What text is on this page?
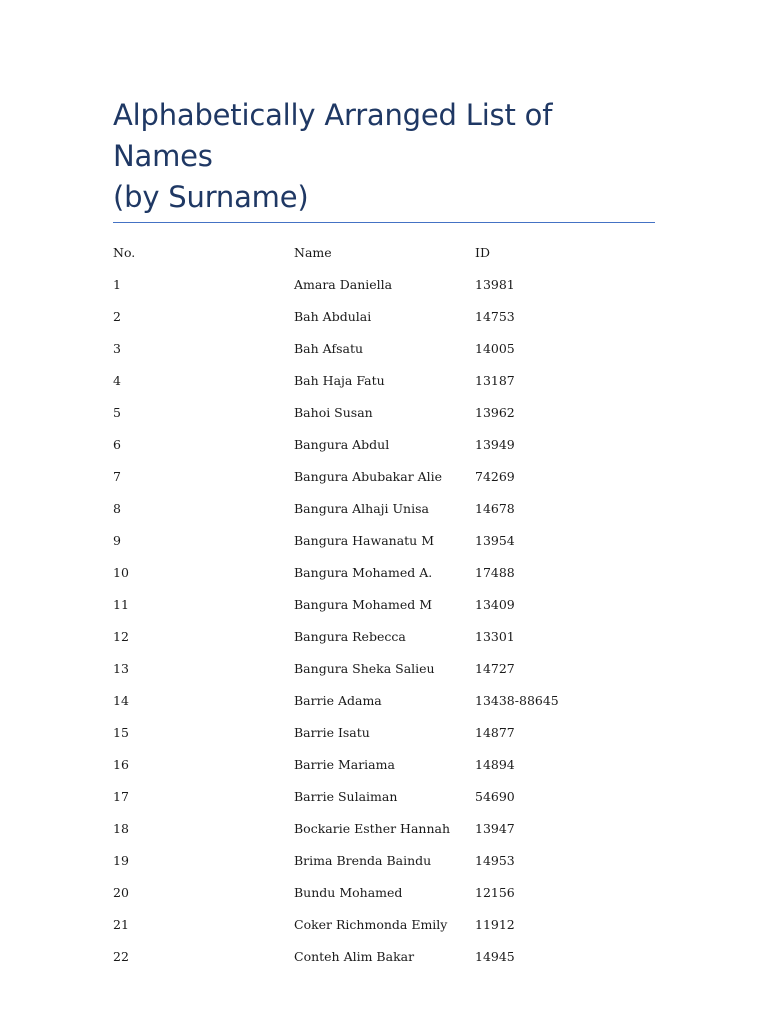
Alphabetically Arranged List of Names
(by Surname)
No.	Name	ID
1	Amara Daniella	13981
2	Bah Abdulai	14753
3	Bah Afsatu	14005
4	Bah Haja Fatu	13187
5	Bahoi Susan	13962
6	Bangura Abdul	13949
7	Bangura Abubakar Alie	74269
8	Bangura Alhaji Unisa	14678
9	Bangura Hawanatu M	13954
10	Bangura Mohamed A.	17488
11	Bangura Mohamed M	13409
12	Bangura Rebecca	13301
13	Bangura Sheka Salieu	14727
14	Barrie Adama	13438-88645
15	Barrie Isatu	14877
16	Barrie Mariama	14894
17	Barrie Sulaiman	54690
18	Bockarie Esther Hannah	13947
19	Brima Brenda Baindu	14953
20	Bundu Mohamed	12156
21	Coker Richmonda Emily	11912
22	Conteh Alim Bakar	14945
